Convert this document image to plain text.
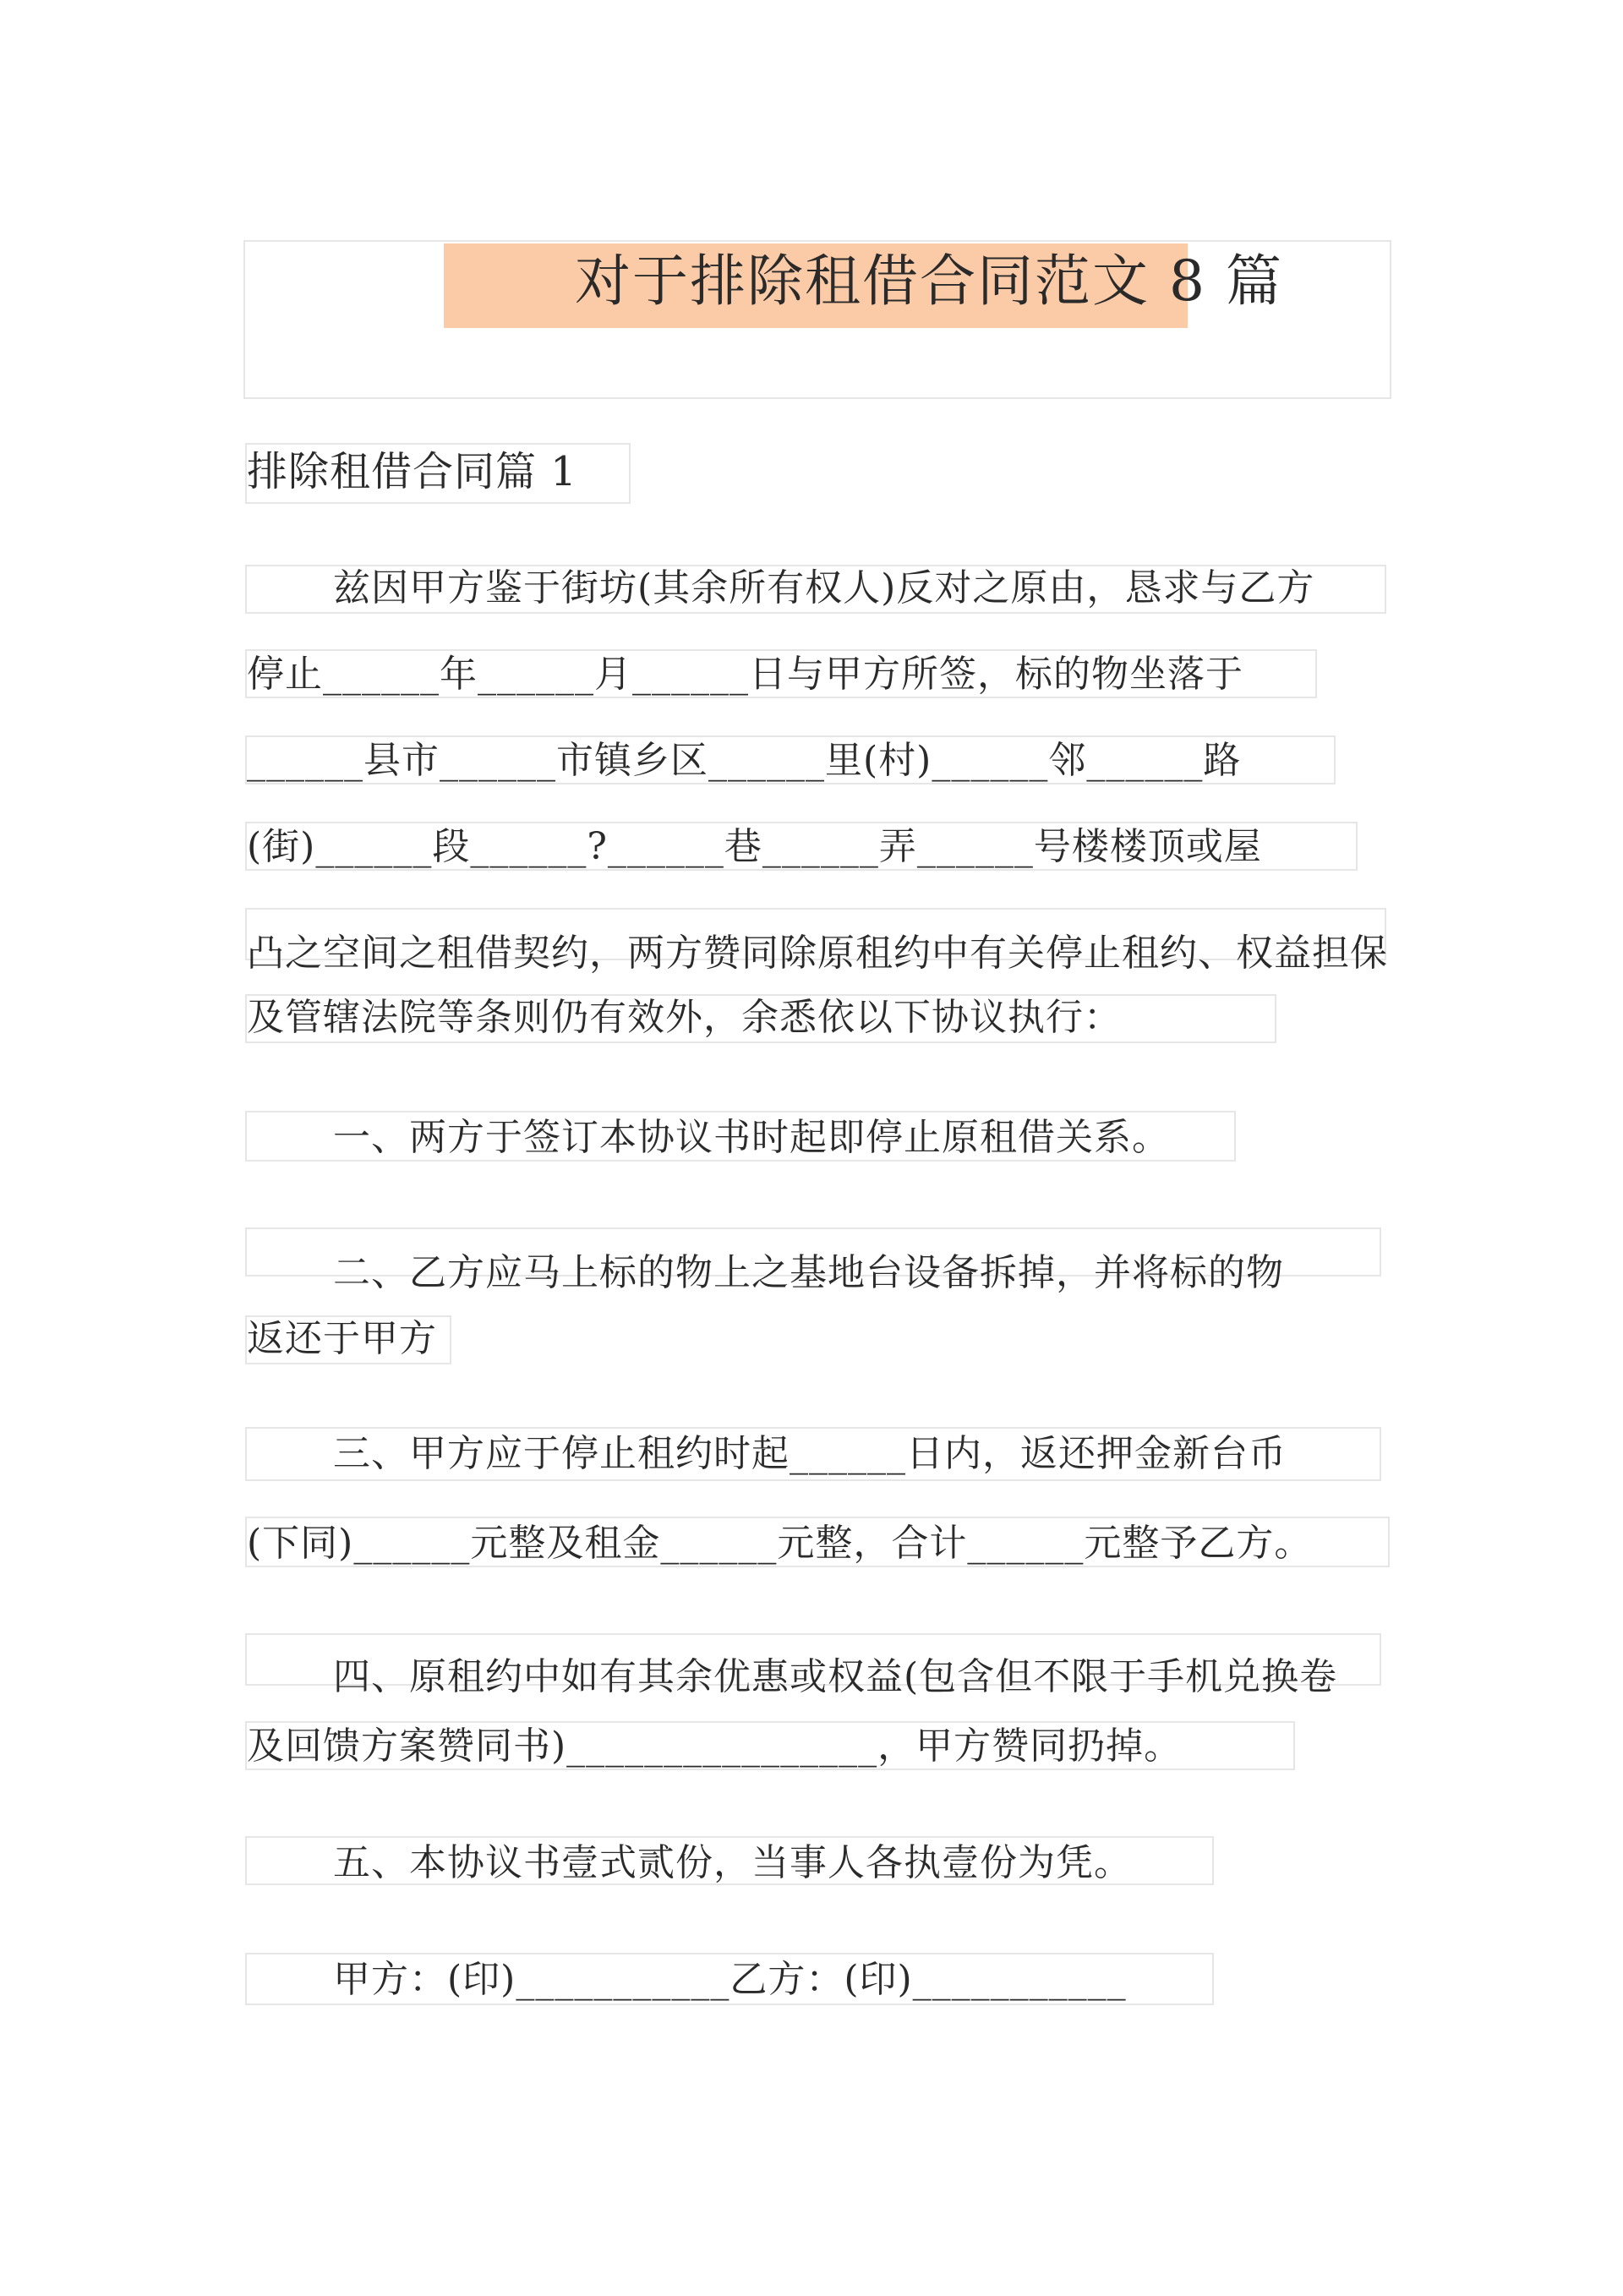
对于排除租借合同范文 8 篇
排除租借合同篇 1
兹因甲方鉴于街坊(其余所有权人)反对之原由，恳求与乙方
停止______年______月______日与甲方所签，标的物坐落于
______县市______市镇乡区______里(村)______邻______路
(街)______段______?______巷______弄______号楼楼顶或屋
凸之空间之租借契约，两方赞同除原租约中有关停止租约、权益担保
及管辖法院等条则仍有效外，余悉依以下协议执行：
一、两方于签订本协议书时起即停止原租借关系。
二、乙方应马上标的物上之基地台设备拆掉，并将标的物
返还于甲方
三、甲方应于停止租约时起______日内，返还押金新台币
(下同)______元整及租金______元整，合计______元整予乙方。
四、原租约中如有其余优惠或权益(包含但不限于手机兑换卷
及回馈方案赞同书)________________，甲方赞同扔掉。
五、本协议书壹式贰份，当事人各执壹份为凭。
甲方：(印)___________乙方：(印)___________
